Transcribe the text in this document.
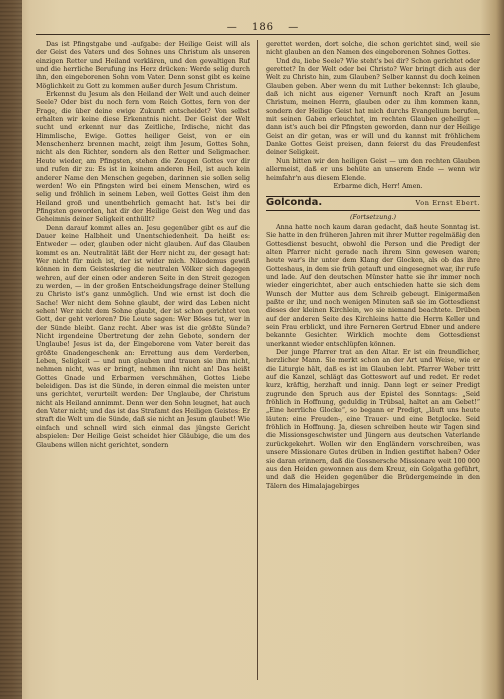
— 186 —

Das ist Pfingstgabe und -aufgabe: der Heilige Geist will als der Geist des Vaters und des Sohnes uns Christum als unseren einzigen Retter und Heiland verklären, und den gewaltigen Ruf und die herrliche Berufung ins Herz drücken: Werde selig durch ihn, den eingeborenen Sohn vom Vater. Denn sonst gibt es keine Möglichkeit zu Gott zu kommen außer durch Jesum Christum.

Erkennst du Jesum als den Heiland der Welt und auch deiner Seele? Oder bist du noch fern vom Reich Gottes, fern von der Frage, die über deine ewige Zukunft entscheidet? Von selbst erhalten wir keine diese Erkenntnis nicht. Der Geist der Welt sucht und erkennt nur das Zeitliche, Irdische, nicht das Himmlische, Ewige. Gottes heiliger Geist, von er ein Menschenherz brennen macht, zeigt ihm Jesum, Gottes Sohn, nicht als den Richter, sondern als den Retter und Seligmacher. Heute wieder, am Pfingsten, stehen die Zeugen Gottes vor dir und rufen dir zu: Es ist in keinem anderen Heil, ist auch kein anderer Name den Menschen gegeben, darinnen sie sollen selig werden! Wo ein Pfingsten wird bei einem Menschen, wird es selig und fröhlich in seinem Leben, weil Gottes Geist ihm den Heiland groß und unentbehrlich gemacht hat. Ist's bei dir Pfingsten geworden, hat dir der Heilige Geist den Weg und das Geheimnis deiner Seligkeit enthüllt?

Denn darauf kommt alles an. Jesu gegenüber gibt es auf die Dauer keine Halbheit und Unentschiedenheit. Da heißt es: Entweder — oder, glauben oder nicht glauben. Auf das Glauben kommt es an. Neutralität läßt der Herr nicht zu, der gesagt hat: Wer nicht für mich ist, der ist wider mich. Nikodemus gewiß können in dem Geisteskrieg die neutralen Völker sich dagegen wehren, auf der einen oder anderen Seite in den Streit gezogen zu werden, — in der großen Entscheidungsfrage deiner Stellung zu Christo ist's ganz unmöglich. Und wie ernst ist doch die Sache! Wer nicht dem Sohne glaubt, der wird das Leben nicht sehen! Wer nicht dem Sohne glaubt, der ist schon gerichtet von Gott, der geht verloren? Die Leute sagen: Wer Böses tut, wer in der Sünde bleibt. Ganz recht. Aber was ist die größte Sünde? Nicht irgendeine Übertretung der zehn Gebote, sondern der Unglaube! Jesus ist da, der Eingeborene vom Vater bereit das größte Gnadengeschenk an: Errettung aus dem Verderben, Leben, Seligkeit — und nun glauben und trauen sie ihm nicht, nehmen nicht, was er bringt, nehmen ihn nicht an! Das heißt Gottes Gnade und Erbarmen verschmähen, Gottes Liebe beleidigen. Das ist die Sünde, in deren einmal die meisten unter uns gerichtet, verurteilt werden: Der Unglaube, der Christum nicht als Heiland annimmt. Denn wer den Sohn leugnet, hat auch den Vater nicht; und das ist das Strafamt des Heiligen Geistes: Er straft die Welt um die Sünde, daß sie nicht an Jesum glaubet! Wie einfach und schnell wird sich einmal das jüngste Gericht abspielen: Der Heilige Geist scheidet hier Gläubige, die um des Glaubens willen nicht gerichtet, sondern

gerettet werden, dort solche, die schon gerichtet sind, weil sie nicht glauben an den Namen des eingeborenen Sohnes Gottes.

Und du, liebe Seele? Wie steht's bei dir? Schon gerichtet oder gerettet? In der Welt oder bei Christo? Wer bringt dich aus der Welt zu Christo hin, zum Glauben? Selber kannst du doch keinen Glauben geben. Aber wenn du mit Luther bekennst: Ich glaube, daß ich nicht aus eigener Vernunft noch Kraft an Jesum Christum, meinen Herrn, glauben oder zu ihm kommen kann, sondern der Heilige Geist hat mich durchs Evangelium berufen, mit seinen Gaben erleuchtet, im rechten Glauben geheiligt — dann ist's auch bei dir Pfingsten geworden, dann nur der Heilige Geist an dir getan, was er will und du kannst mit fröhlichem Danke Gottes Geist preisen, dann feierst du das Freudenfest deiner Seligkeit.

Nun bitten wir den heiligen Geist — um den rechten Glauben allermeist, daß er uns behüte an unserem Ende — wenn wir heimfahr'n aus diesem Elende.

Erbarme dich, Herr! Amen.

Golconda.	Von Ernst Ebert.
(Fortsetzung.)

Anna hatte noch kaum daran gedacht, daß heute Sonntag ist. Sie hatte in den früheren Jahren mit ihrer Mutter regelmäßig den Gottesdienst besucht, obwohl die Person und die Predigt der alten Pfarrer nicht gerade nach ihrem Sinn gewesen waren; heute war's ihr unter dem Klang der Glocken, als ob das ihre Gotteshaus, in dem sie früh getauft und eingesegnet war, ihr rufe und lade. Auf den deutschen Münster hatte sie ihr immer noch wieder eingerichtet, aber auch entschieden hatte sie sich dem Wunsch der Mutter aus dem Schreib gebeugt. Einigermaßen paßte er ihr, und noch wenigen Minuten saß sie im Gottesdienst dieses der kleinen Kirchlein, wo sie niemand beachtete. Drüben auf der anderen Seite des Kirchleins hatte die Herrn Keller und sein Frau erblickt, und ihre Ferneren Gertrud Ebner und andere bekannte Gesichter. Wirklich mochte dem Gottesdienst unerkannt wieder entschlüpfen können.

Der junge Pfarrer trat an den Altar. Er ist ein freundlicher, herzlicher Mann. Sie merkt schon an der Art und Weise, wie er die Liturgie hält, daß es ist im Glauben lebt. Pfarrer Weber tritt auf die Kanzel, schlägt das Gotteswort auf und redet. Er redet kurz, kräftig, herzhaft und innig. Dann legt er seiner Predigt zugrunde den Spruch aus der Epistel des Sonntags: „Seid fröhlich in Hoffnung, geduldig in Trübsal, haltet an am Gebet!“ „Eine herrliche Glocke“, so begann er Predigt, „läuft uns heute läuten: eine Freuden-, eine Trauer- und eine Betglocke. Seid fröhlich in Hoffnung. Ja, diesen schreiben heute wir Tagen sind die Missionsgeschwister und Jüngern aus deutschen Vaterlande zurückgekehrt. Wollen wir den Engländern vorschreiben, was unsere Missionare Gutes drüben in Indien gestiftet haben? Oder sie daran erinnern, daß die Gossnersche Missionare weit 100 000 aus den Heiden gewonnen aus dem Kreuz, ein Golgatha geführt, und daß die Heiden gegenüber die Brüdergemeinde in den Tälern des Himalajagebirges
